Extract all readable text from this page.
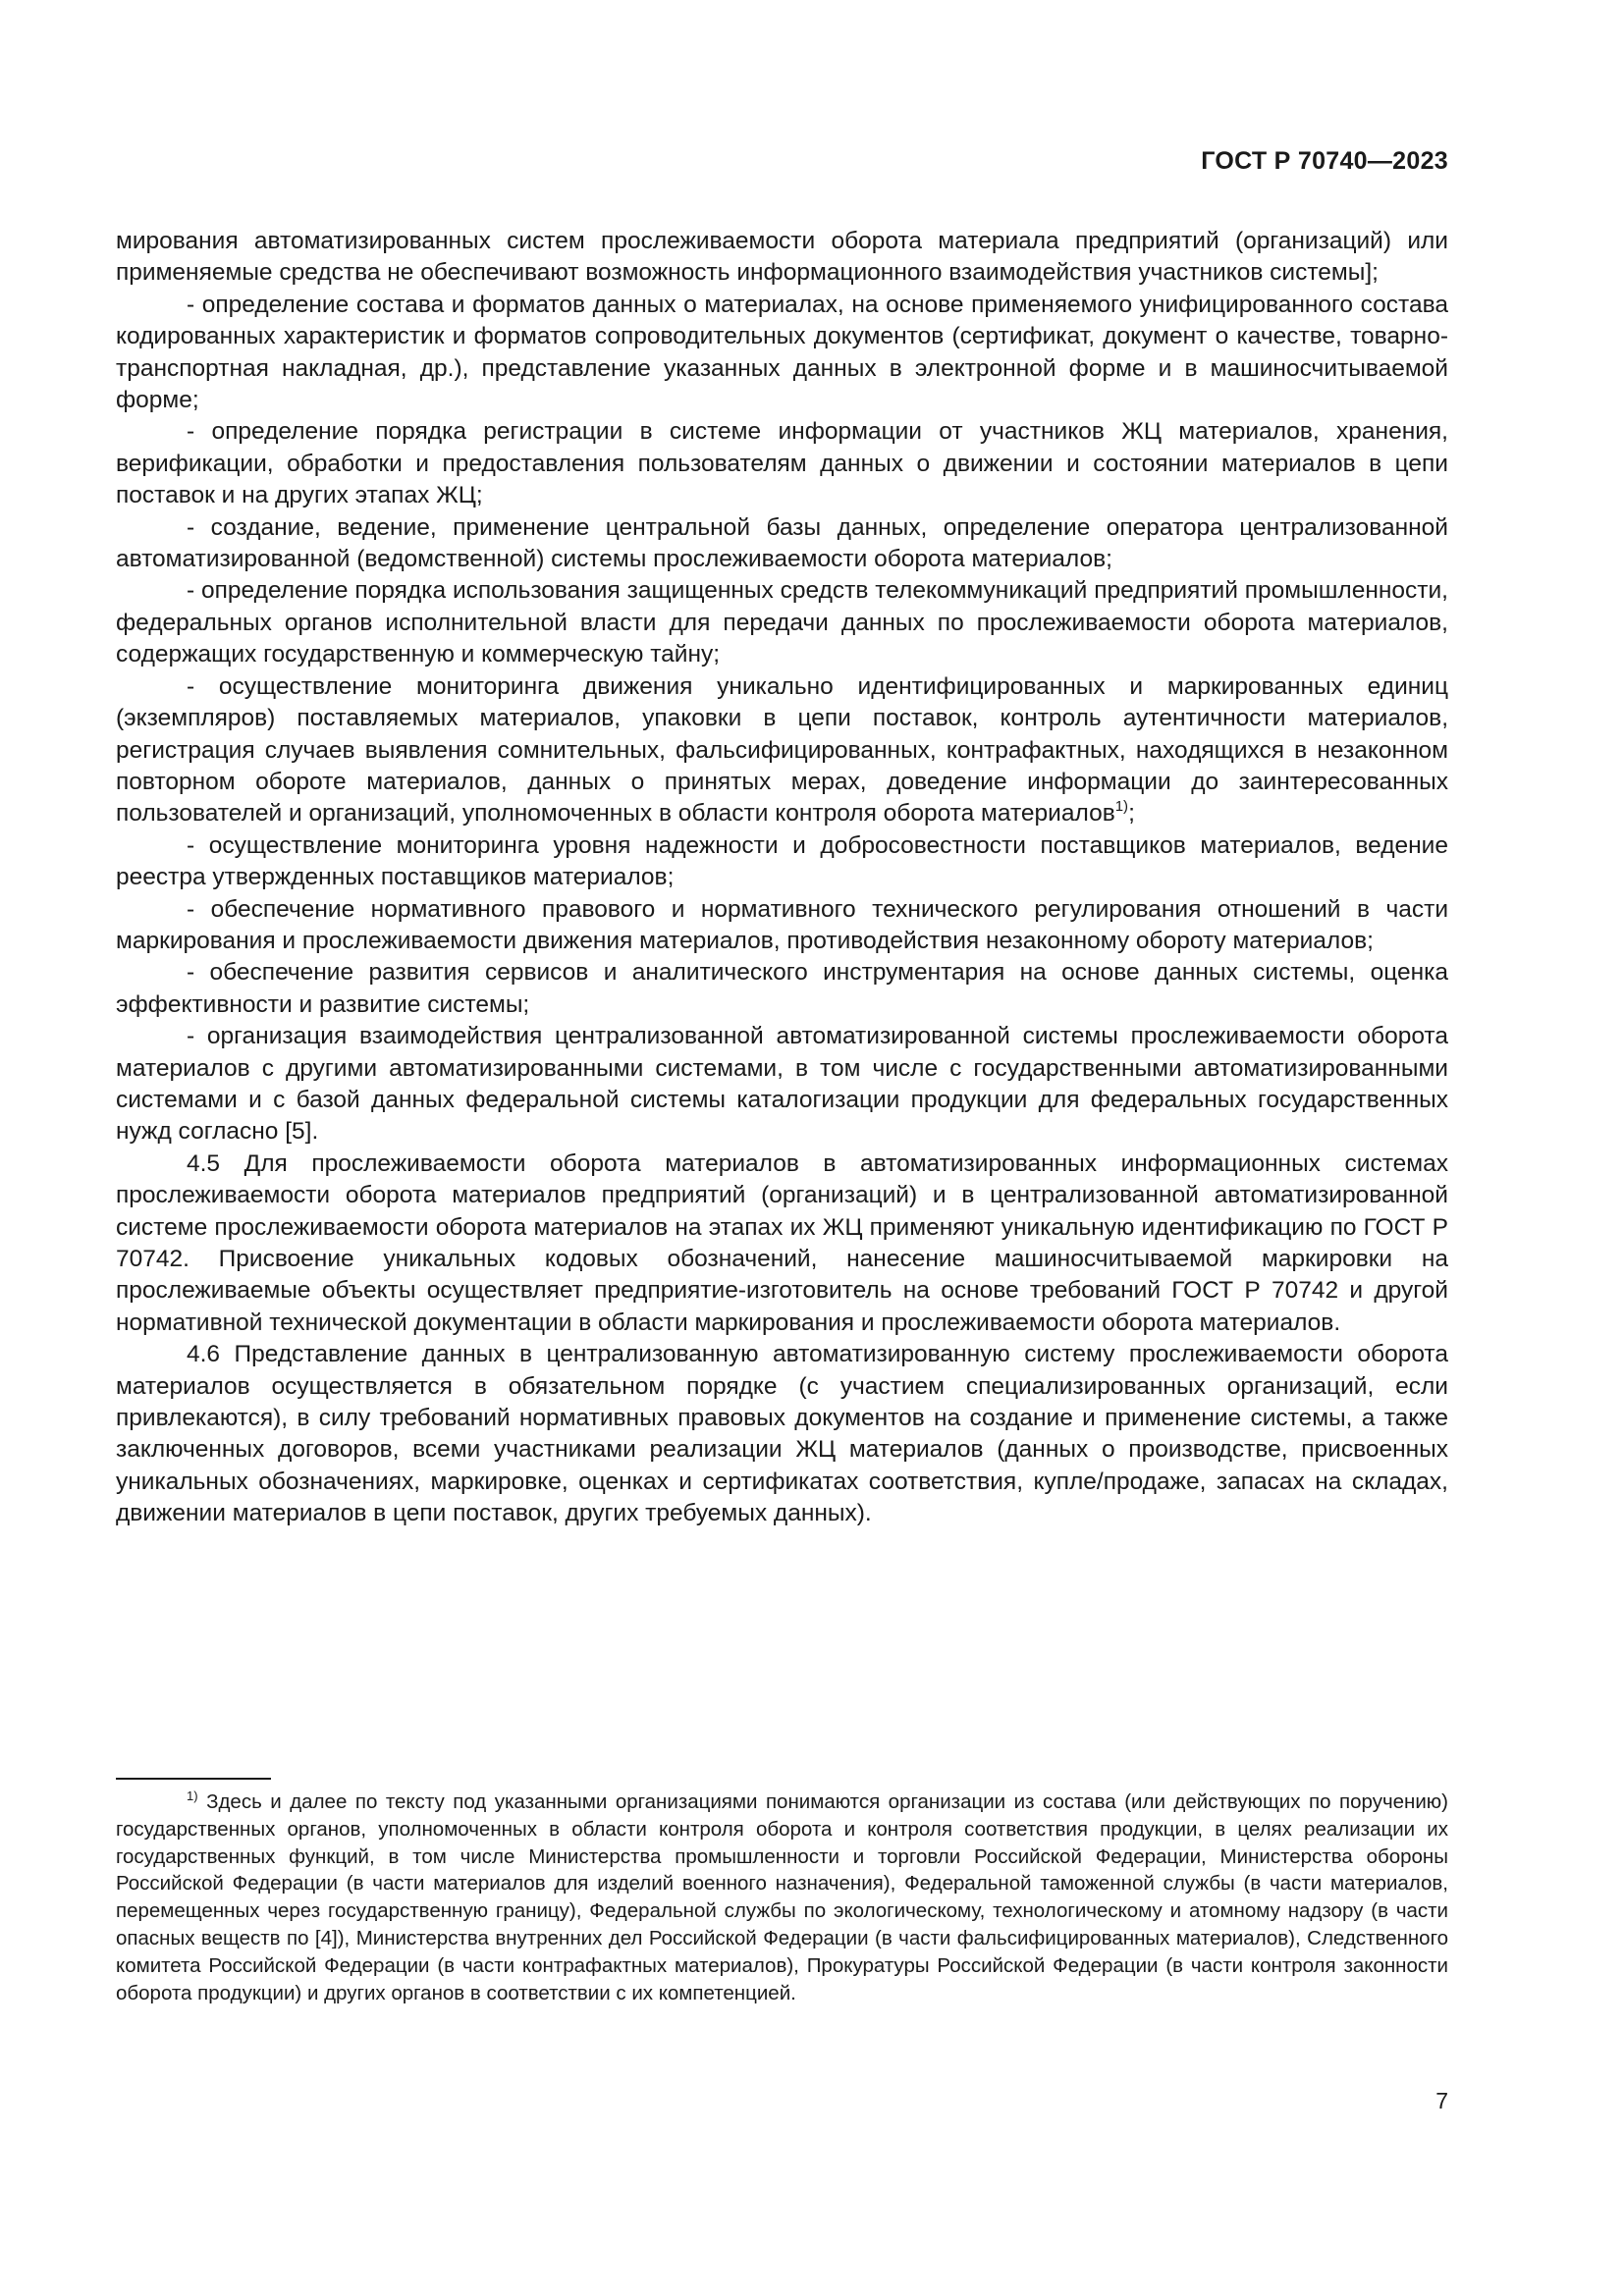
ГОСТ Р 70740—2023

мирования автоматизированных систем прослеживаемости оборота материала предприятий (организаций) или применяемые средства не обеспечивают возможность информационного взаимодействия участников системы];

- определение состава и форматов данных о материалах, на основе применяемого унифицированного состава кодированных характеристик и форматов сопроводительных документов (сертификат, документ о качестве, товарно-транспортная накладная, др.), представление указанных данных в электронной форме и в машиносчитываемой форме;

- определение порядка регистрации в системе информации от участников ЖЦ материалов, хранения, верификации, обработки и предоставления пользователям данных о движении и состоянии материалов в цепи поставок и на других этапах ЖЦ;

- создание, ведение, применение центральной базы данных, определение оператора централизованной автоматизированной (ведомственной) системы прослеживаемости оборота материалов;

- определение порядка использования защищенных средств телекоммуникаций предприятий промышленности, федеральных органов исполнительной власти для передачи данных по прослеживаемости оборота материалов, содержащих государственную и коммерческую тайну;

- осуществление мониторинга движения уникально идентифицированных и маркированных единиц (экземпляров) поставляемых материалов, упаковки в цепи поставок, контроль аутентичности материалов, регистрация случаев выявления сомнительных, фальсифицированных, контрафактных, находящихся в незаконном повторном обороте материалов, данных о принятых мерах, доведение информации до заинтересованных пользователей и организаций, уполномоченных в области контроля оборота материалов$^{1)}$;

- осуществление мониторинга уровня надежности и добросовестности поставщиков материалов, ведение реестра утвержденных поставщиков материалов;

- обеспечение нормативного правового и нормативного технического регулирования отношений в части маркирования и прослеживаемости движения материалов, противодействия незаконному обороту материалов;

- обеспечение развития сервисов и аналитического инструментария на основе данных системы, оценка эффективности и развитие системы;

- организация взаимодействия централизованной автоматизированной системы прослеживаемости оборота материалов с другими автоматизированными системами, в том числе с государственными автоматизированными системами и с базой данных федеральной системы каталогизации продукции для федеральных государственных нужд согласно [5].

4.5 Для прослеживаемости оборота материалов в автоматизированных информационных системах прослеживаемости оборота материалов предприятий (организаций) и в централизованной автоматизированной системе прослеживаемости оборота материалов на этапах их ЖЦ применяют уникальную идентификацию по ГОСТ Р 70742. Присвоение уникальных кодовых обозначений, нанесение машиносчитываемой маркировки на прослеживаемые объекты осуществляет предприятие-изготовитель на основе требований ГОСТ Р 70742 и другой нормативной технической документации в области маркирования и прослеживаемости оборота материалов.

4.6 Представление данных в централизованную автоматизированную систему прослеживаемости оборота материалов осуществляется в обязательном порядке (с участием специализированных организаций, если привлекаются), в силу требований нормативных правовых документов на создание и применение системы, а также заключенных договоров, всеми участниками реализации ЖЦ материалов (данных о производстве, присвоенных уникальных обозначениях, маркировке, оценках и сертификатах соответствия, купле/продаже, запасах на складах, движении материалов в цепи поставок, других требуемых данных).

$^{1)}$ Здесь и далее по тексту под указанными организациями понимаются организации из состава (или действующих по поручению) государственных органов, уполномоченных в области контроля оборота и контроля соответствия продукции, в целях реализации их государственных функций, в том числе Министерства промышленности и торговли Российской Федерации, Министерства обороны Российской Федерации (в части материалов для изделий военного назначения), Федеральной таможенной службы (в части материалов, перемещенных через государственную границу), Федеральной службы по экологическому, технологическому и атомному надзору (в части опасных веществ по [4]), Министерства внутренних дел Российской Федерации (в части фальсифицированных материалов), Следственного комитета Российской Федерации (в части контрафактных материалов), Прокуратуры Российской Федерации (в части контроля законности оборота продукции) и других органов в соответствии с их компетенцией.

7
